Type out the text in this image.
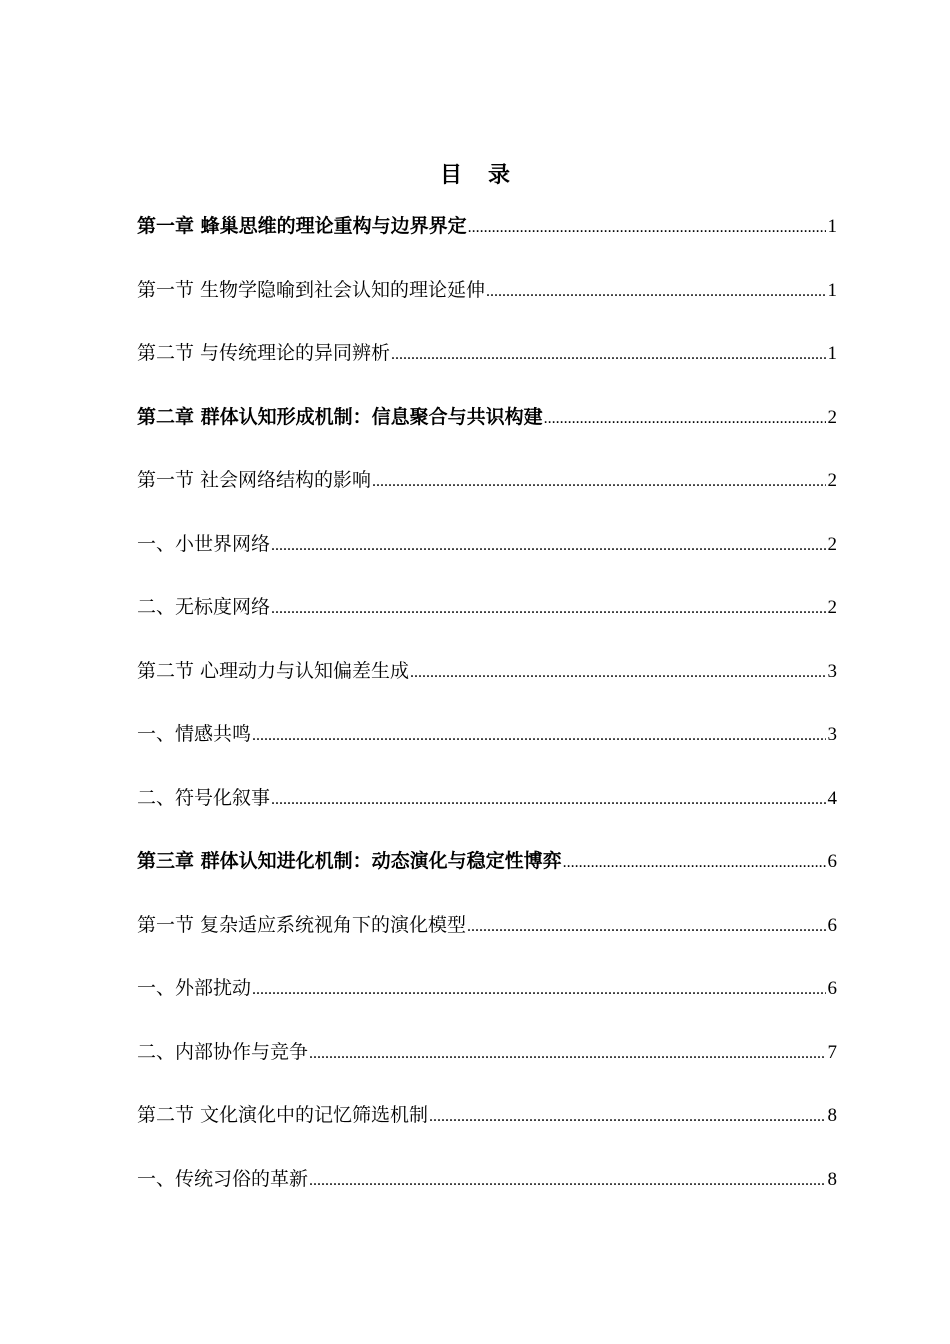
目 录
第一章 蜂巢思维的理论重构与边界界定 .....	1
第一节 生物学隐喻到社会认知的理论延伸 .....	1
第二节 与传统理论的异同辨析 .....	1
第二章 群体认知形成机制：信息聚合与共识构建 .....	2
第一节 社会网络结构的影响 .....	2
一、小世界网络 .....	2
二、无标度网络 .....	2
第二节 心理动力与认知偏差生成 .....	3
一、情感共鸣 .....	3
二、符号化叙事 .....	4
第三章 群体认知进化机制：动态演化与稳定性博弈 .....	6
第一节 复杂适应系统视角下的演化模型 .....	6
一、外部扰动 .....	6
二、内部协作与竞争 .....	7
第二节 文化演化中的记忆筛选机制 .....	8
一、传统习俗的革新 .....	8
